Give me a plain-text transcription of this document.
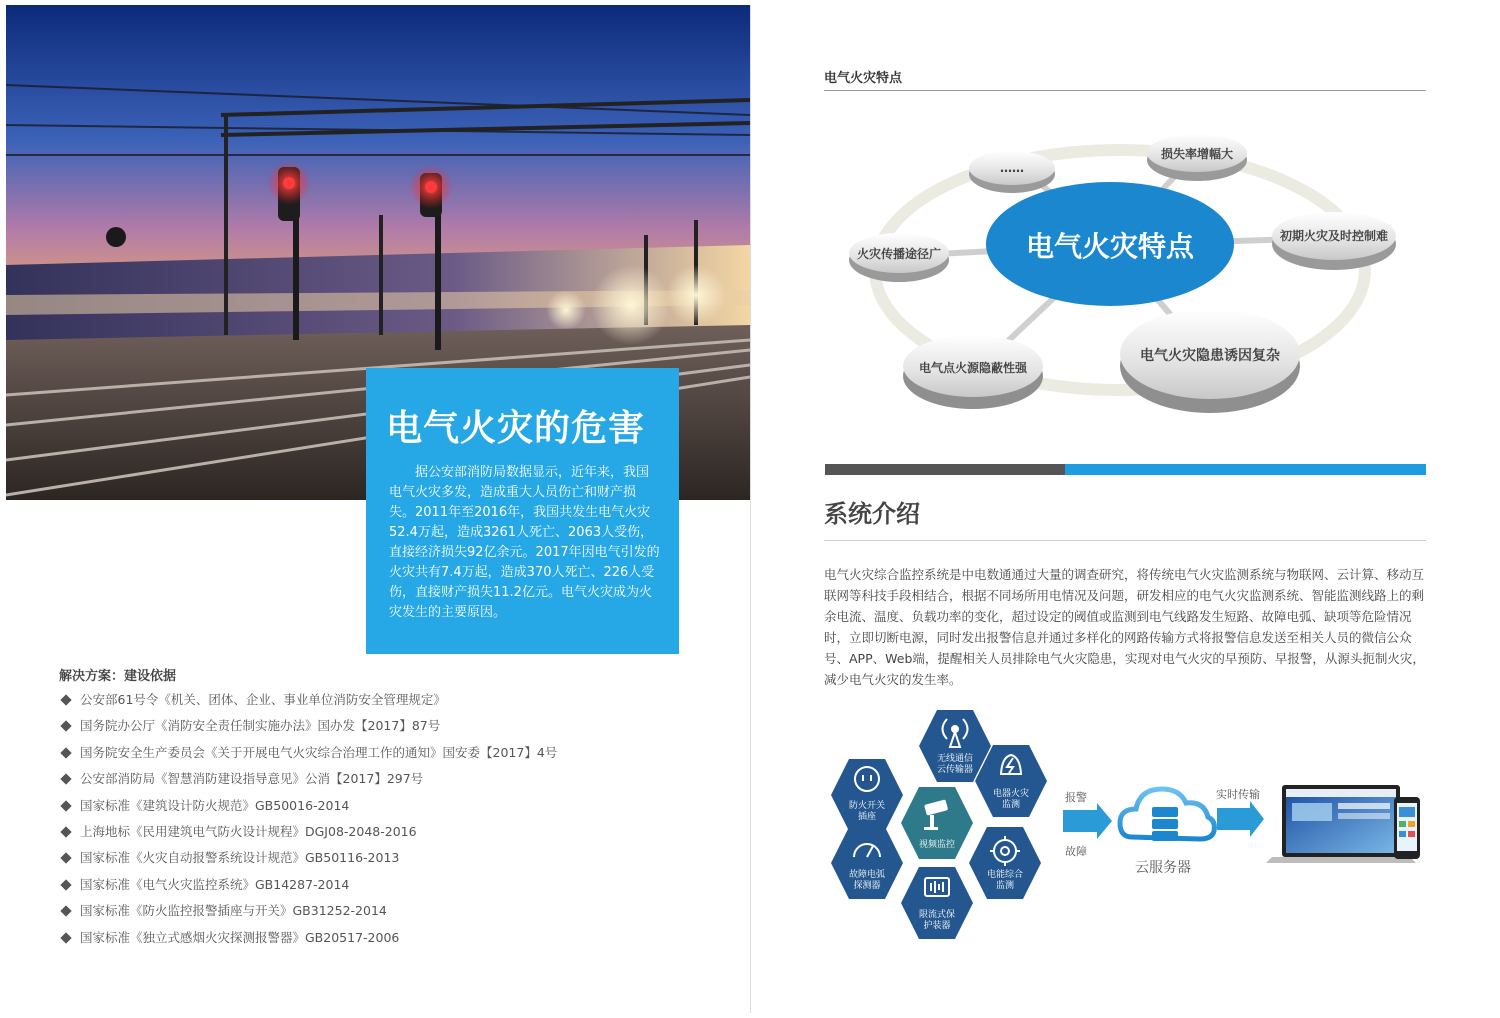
电气火灾的危害

据公安部消防局数据显示，近年来，我国电气火灾多发，造成重大人员伤亡和财产损失。2011年至2016年，我国共发生电气火灾52.4万起，造成3261人死亡、2063人受伤，直接经济损失92亿余元。2017年因电气引发的火灾共有7.4万起，造成370人死亡、226人受伤，直接财产损失11.2亿元。电气火灾成为火灾发生的主要原因。

解决方案：建设依据
公安部61号令《机关、团体、企业、事业单位消防安全管理规定》
国务院办公厅《消防安全责任制实施办法》国办发【2017】87号
国务院安全生产委员会《关于开展电气火灾综合治理工作的通知》国安委【2017】4号
公安部消防局《智慧消防建设指导意见》公消【2017】297号
国家标准《建筑设计防火规范》GB50016-2014
上海地标《民用建筑电气防火设计规程》DGJ08-2048-2016
国家标准《火灾自动报警系统设计规范》GB50116-2013
国家标准《电气火灾监控系统》GB14287-2014
国家标准《防火监控报警插座与开关》GB31252-2014
国家标准《独立式感烟火灾探测报警器》GB20517-2006
电气火灾特点
……
损失率增幅大
初期火灾及时控制难
火灾传播途径广
电气火灾隐患诱因复杂
电气点火源隐蔽性强
电气火灾特点
系统介绍

电气火灾综合监控系统是中电数通通过大量的调查研究，将传统电气火灾监测系统与物联网、云计算、移动互联网等科技手段相结合，根据不同场所用电情况及问题，研发相应的电气火灾监测系统、智能监测线路上的剩余电流、温度、负载功率的变化，超过设定的阈值或监测到电气线路发生短路、故障电弧、缺项等危险情况时，立即切断电源，同时发出报警信息并通过多样化的网路传输方式将报警信息发送至相关人员的微信公众号、APP、Web端，提醒相关人员排除电气火灾隐患，实现对电气火灾的早预防、早报警，从源头扼制火灾，减少电气火灾的发生率。

无线通信
云传输器
防火开关
插座
电器火灾
监测
视频监控
故障电弧
探测器
电能综合
监测
限流式保
护装器
报警
故障
云服务器
实时传输
